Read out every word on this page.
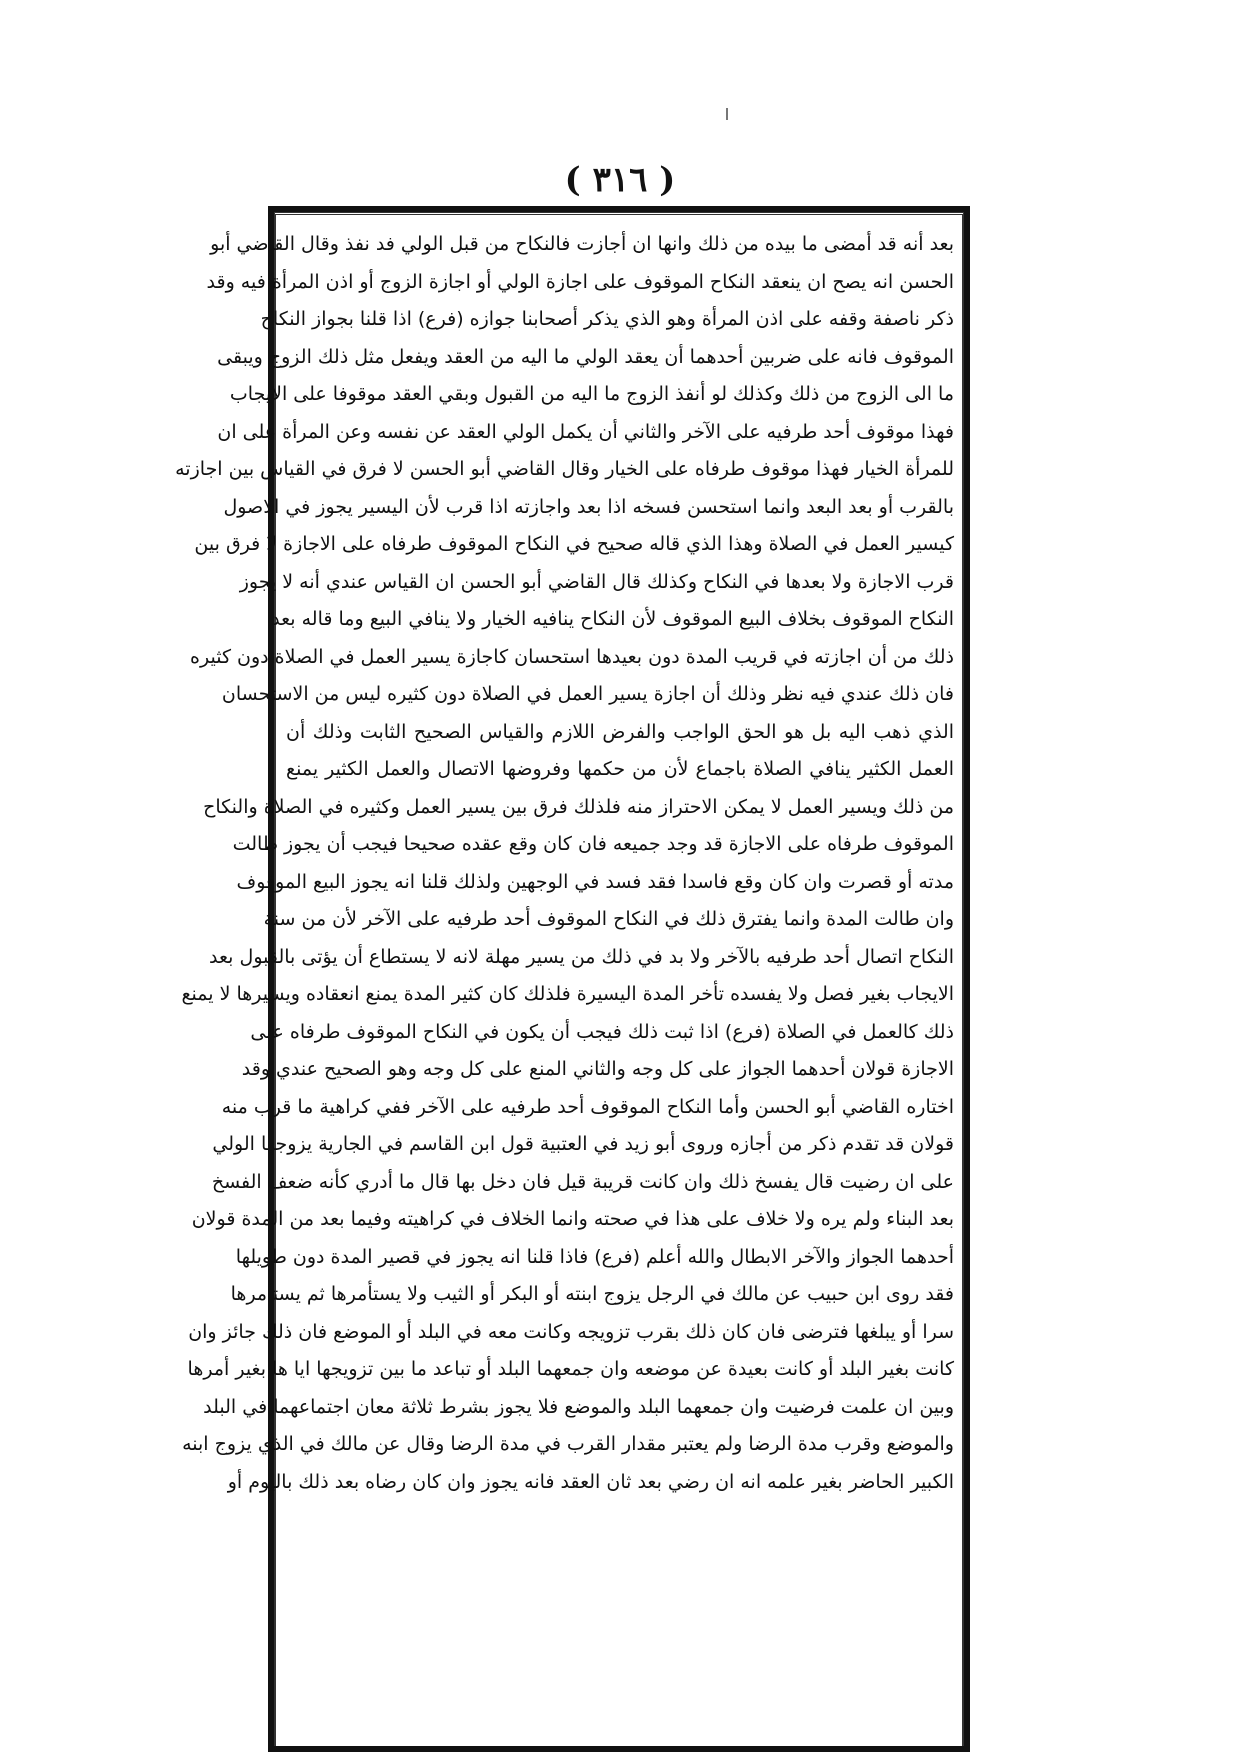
( ٣١٦ )
بعد أنه قد أمضى ما بيده من ذلك وانها ان أجازت فالنكاح من قبل الولي فد نفذ وقال القاضي أبو
الحسن انه يصح ان ينعقد النكاح الموقوف على اجازة الولي أو اجازة الزوج أو اذن المرأة فيه وقد
ذكر ناصفة وقفه على اذن المرأة وهو الذي يذكر أصحابنا جوازه (فرع) اذا قلنا بجواز النكاح
الموقوف فانه على ضربين أحدهما أن يعقد الولي ما اليه من العقد ويفعل مثل ذلك الزوج ويبقى
ما الى الزوج من ذلك وكذلك لو أنفذ الزوج ما اليه من القبول وبقي العقد موقوفا على الايجاب
فهذا موقوف أحد طرفيه على الآخر والثاني أن يكمل الولي العقد عن نفسه وعن المرأة على ان
للمرأة الخيار فهذا موقوف طرفاه على الخيار وقال القاضي أبو الحسن لا فرق في القياس بين اجازته
بالقرب أو بعد البعد وانما استحسن فسخه اذا بعد واجازته اذا قرب لأن اليسير يجوز في الاصول
كيسير العمل في الصلاة وهذا الذي قاله صحيح في النكاح الموقوف طرفاه على الاجازة لا فرق بين
قرب الاجازة ولا بعدها في النكاح وكذلك قال القاضي أبو الحسن ان القياس عندي أنه لا يجوز
النكاح الموقوف بخلاف البيع الموقوف لأن النكاح ينافيه الخيار ولا ينافي البيع وما قاله بعد
ذلك من أن اجازته في قريب المدة دون بعيدها استحسان كاجازة يسير العمل في الصلاة دون كثيره
فان ذلك عندي فيه نظر وذلك أن اجازة يسير العمل في الصلاة دون كثيره ليس من الاستحسان
الذي ذهب اليه بل هو الحق الواجب والفرض اللازم والقياس الصحيح الثابت وذلك أن
العمل الكثير ينافي الصلاة باجماع لأن من حكمها وفروضها الاتصال والعمل الكثير يمنع
من ذلك ويسير العمل لا يمكن الاحتراز منه فلذلك فرق بين يسير العمل وكثيره في الصلاة والنكاح
الموقوف طرفاه على الاجازة قد وجد جميعه فان كان وقع عقده صحيحا فيجب أن يجوز طالت
مدته أو قصرت وان كان وقع فاسدا فقد فسد في الوجهين ولذلك قلنا انه يجوز البيع الموقوف
وان طالت المدة وانما يفترق ذلك في النكاح الموقوف أحد طرفيه على الآخر لأن من سنة
النكاح اتصال أحد طرفيه بالآخر ولا بد في ذلك من يسير مهلة لانه لا يستطاع أن يؤتى بالقبول بعد
الايجاب بغير فصل ولا يفسده تأخر المدة اليسيرة فلذلك كان كثير المدة يمنع انعقاده ويسيرها لا يمنع
ذلك كالعمل في الصلاة (فرع) اذا ثبت ذلك فيجب أن يكون في النكاح الموقوف طرفاه على
الاجازة قولان أحدهما الجواز على كل وجه والثاني المنع على كل وجه وهو الصحيح عندي وقد
اختاره القاضي أبو الحسن وأما النكاح الموقوف أحد طرفيه على الآخر ففي كراهية ما قرب منه
قولان قد تقدم ذكر من أجازه وروى أبو زيد في العتبية قول ابن القاسم في الجارية يزوجها الولي
على ان رضيت قال يفسخ ذلك وان كانت قريبة قيل فان دخل بها قال ما أدري كأنه ضعف الفسخ
بعد البناء ولم يره ولا خلاف على هذا في صحته وانما الخلاف في كراهيته وفيما بعد من المدة قولان
أحدهما الجواز والآخر الابطال والله أعلم (فرع) فاذا قلنا انه يجوز في قصير المدة دون طويلها
فقد روى ابن حبيب عن مالك في الرجل يزوج ابنته أو البكر أو الثيب ولا يستأمرها ثم يستأمرها
سرا أو يبلغها فترضى فان كان ذلك بقرب تزويجه وكانت معه في البلد أو الموضع فان ذلك جائز وان
كانت بغير البلد أو كانت بعيدة عن موضعه وان جمعهما البلد أو تباعد ما بين تزويجها ايا ها بغير أمرها
وبين ان علمت فرضيت وان جمعهما البلد والموضع فلا يجوز بشرط ثلاثة معان اجتماعهما في البلد
والموضع وقرب مدة الرضا ولم يعتبر مقدار القرب في مدة الرضا وقال عن مالك في الذي يزوج ابنه
الكبير الحاضر بغير علمه انه ان رضي بعد ثان العقد فانه يجوز وان كان رضاه بعد ذلك باليوم أو
